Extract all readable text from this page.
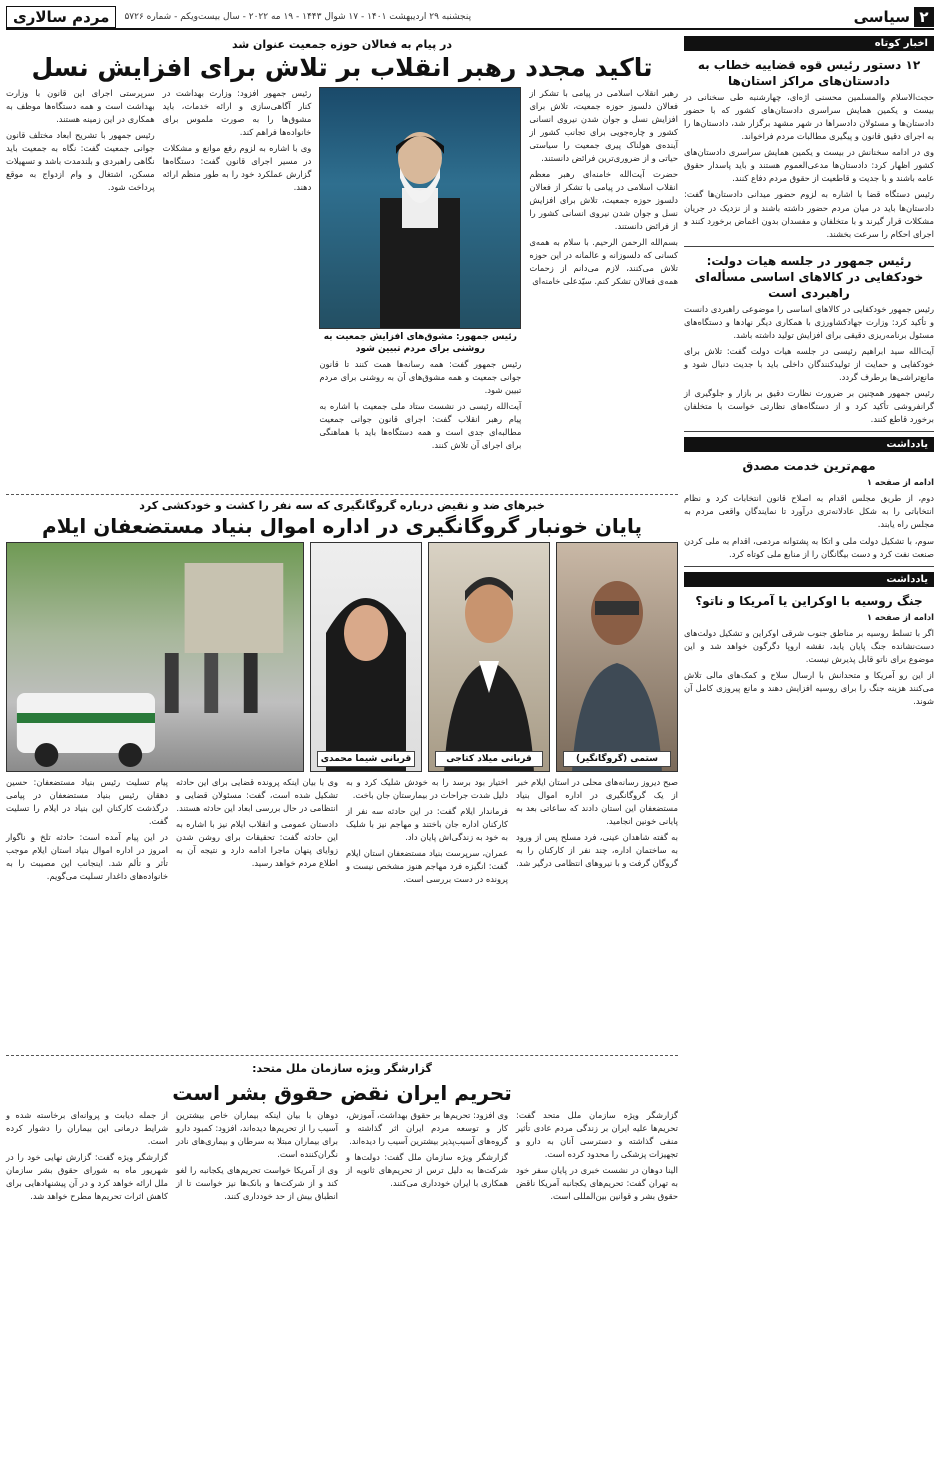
۲
سیاسی
پنجشنبه ۲۹ اردیبهشت ۱۴۰۱ - ۱۷ شوال ۱۴۴۳ - ۱۹ مه ۲۰۲۲ - سال بیست‌ویکم - شماره ۵۷۲۶
مردم سالاری
اخبار کوتاه
۱۲ دستور رئیس قوه قضاییه خطاب به دادستان‌های مراکز استان‌ها

حجت‌الاسلام والمسلمین محسنی اژه‌ای، چهارشنبه طی سخنانی در بیست و یکمین همایش سراسری دادستان‌های کشور که با حضور دادستان‌ها و مسئولان دادسرا‌ها در شهر مشهد برگزار شد، دادستان‌ها را به اجرای دقیق قانون و پیگیری مطالبات مردم فراخواند.

وی در ادامه سخنانش در بیست و یکمین همایش سراسری دادستان‌های کشور اظهار کرد: دادستان‌ها مدعی‌العموم هستند و باید پاسدار حقوق عامه باشند و با جدیت و قاطعیت از حقوق مردم دفاع کنند.

رئیس دستگاه قضا با اشاره به لزوم حضور میدانی دادستان‌ها گفت: دادستان‌ها باید در میان مردم حضور داشته باشند و از نزدیک در جریان مشکلات قرار گیرند و با متخلفان و مفسدان بدون اغماض برخورد کنند و اجرای احکام را سرعت بخشند.

رئیس جمهور در جلسه هیات دولت: خودکفایی در کالاهای اساسی مسأله‌ای راهبردی است

رئیس جمهور خودکفایی در کالاهای اساسی را موضوعی راهبردی دانست و تأکید کرد: وزارت جهادکشاورزی با همکاری دیگر نهادها و دستگاه‌های مسئول برنامه‌ریزی دقیقی برای افزایش تولید داشته باشد.

آیت‌الله سید ابراهیم رئیسی در جلسه هیات دولت گفت: تلاش برای خودکفایی و حمایت از تولیدکنندگان داخلی باید با جدیت دنبال شود و مانع‌تراشی‌ها برطرف گردد.

رئیس جمهور همچنین بر ضرورت نظارت دقیق بر بازار و جلوگیری از گرانفروشی تأکید کرد و از دستگاه‌های نظارتی خواست با متخلفان برخورد قاطع کنند.

یادداشت
مهم‌ترین خدمت مصدق

ادامه از صفحه ۱

دوم، از طریق مجلس اقدام به اصلاح قانون انتخابات کرد و نظام انتخاباتی را به شکل عادلانه‌تری درآورد تا نمایندگان واقعی مردم به مجلس راه یابند.

سوم، با تشکیل دولت ملی و اتکا به پشتوانه مردمی، اقدام به ملی کردن صنعت نفت کرد و دست بیگانگان را از منابع ملی کوتاه کرد.

یادداشت
جنگ روسیه با اوکراین یا آمریکا و ناتو؟

ادامه از صفحه ۱

اگر با تسلط روسیه بر مناطق جنوب شرقی اوکراین و تشکیل دولت‌های دست‌نشانده جنگ پایان یابد، نقشه اروپا دگرگون خواهد شد و این موضوع برای ناتو قابل پذیرش نیست.

از این رو آمریکا و متحدانش با ارسال سلاح و کمک‌های مالی تلاش می‌کنند هزینه جنگ را برای روسیه افزایش دهند و مانع پیروزی کامل آن شوند.

در پیام به فعالان حوزه جمعیت عنوان شد
تاکید مجدد رهبر انقلاب بر تلاش برای افزایش نسل

رهبر انقلاب اسلامی در پیامی با تشکر از فعالان دلسوز حوزه جمعیت، تلاش برای افزایش نسل و جوان شدن نیروی انسانی کشور و چاره‌جویی برای تجانب کشور از آینده‌ی هولناک پیری جمعیت را سیاستی حیاتی و از ضروری‌ترین فرائض دانستند.

حضرت آیت‌الله خامنه‌ای رهبر معظم انقلاب اسلامی در پیامی با تشکر از فعالان دلسوز حوزه جمعیت، تلاش برای افزایش نسل و جوان شدن نیروی انسانی کشور را از فرائض دانستند.

بسم‌الله الرحمن الرحیم. با سلام به همه‌ی کسانی که دلسوزانه و عالمانه در این حوزه تلاش می‌کنند، لازم می‌دانم از زحمات همه‌ی فعالان تشکر کنم. سیّدعلی خامنه‌ای

رئیس جمهور: مشوق‌های افزایش جمعیت به روشنی برای مردم تبیین شود

رئیس جمهور گفت: همه رسانه‌ها همت کنند تا قانون جوانی جمعیت و همه مشوق‌های آن به روشنی برای مردم تبیین شود.

آیت‌الله رئیسی در نشست ستاد ملی جمعیت با اشاره به پیام رهبر انقلاب گفت: اجرای قانون جوانی جمعیت مطالبه‌ای جدی است و همه دستگاه‌ها باید با هماهنگی برای اجرای آن تلاش کنند.

رئیس جمهور افزود: وزارت بهداشت در کنار آگاهی‌سازی و ارائه خدمات، باید مشوق‌ها را به صورت ملموس برای خانواده‌ها فراهم کند.

وی با اشاره به لزوم رفع موانع و مشکلات در مسیر اجرای قانون گفت: دستگاه‌ها گزارش عملکرد خود را به طور منظم ارائه دهند.

سرپرستی اجرای این قانون با وزارت بهداشت است و همه دستگاه‌ها موظف به همکاری در این زمینه هستند.

رئیس جمهور با تشریح ابعاد مختلف قانون جوانی جمعیت گفت: نگاه به جمعیت باید نگاهی راهبردی و بلندمدت باشد و تسهیلات مسکن، اشتغال و وام ازدواج به موقع پرداخت شود.

خبرهای ضد و نقیض درباره گروگانگیری که سه نفر را کشت و خودکشی کرد
پایان خونبار گروگانگیری در اداره اموال بنیاد مستضعفان ایلام
ستمی (گروگانگیر)
قربانی میلاد کتاجی
قربانی شیما محمدی

صبح دیروز رسانه‌های محلی در استان ایلام خبر از یک گروگانگیری در اداره اموال بنیاد مستضعفان این استان دادند که ساعاتی بعد به پایانی خونین انجامید.

به گفته شاهدان عینی، فرد مسلح پس از ورود به ساختمان اداره، چند نفر از کارکنان را به گروگان گرفت و با نیروهای انتظامی درگیر شد.

اختیار بود برسد را به خودش شلیک کرد و به دلیل شدت جراحات در بیمارستان جان باخت.

فرماندار ایلام گفت: در این حادثه سه نفر از کارکنان اداره جان باختند و مهاجم نیز با شلیک به خود به زندگی‌اش پایان داد.

عمران، سرپرست بنیاد مستضعفان استان ایلام گفت: انگیزه فرد مهاجم هنوز مشخص نیست و پرونده در دست بررسی است.

وی با بیان اینکه پرونده قضایی برای این حادثه تشکیل شده است، گفت: مسئولان قضایی و انتظامی در حال بررسی ابعاد این حادثه هستند.

دادستان عمومی و انقلاب ایلام نیز با اشاره به این حادثه گفت: تحقیقات برای روشن شدن زوایای پنهان ماجرا ادامه دارد و نتیجه آن به اطلاع مردم خواهد رسید.

پیام تسلیت رئیس بنیاد مستضعفان: حسین دهقان رئیس بنیاد مستضعفان در پیامی درگذشت کارکنان این بنیاد در ایلام را تسلیت گفت.

در این پیام آمده است: حادثه تلخ و ناگوار امروز در اداره اموال بنیاد استان ایلام موجب تأثر و تألم شد. اینجانب این مصیبت را به خانواده‌های داغدار تسلیت می‌گویم.

گزارشگر ویژه سازمان ملل متحد:
تحریم ایران نقض حقوق بشر است

گزارشگر ویژه سازمان ملل متحد گفت: تحریم‌ها علیه ایران بر زندگی مردم عادی تأثیر منفی گذاشته و دسترسی آنان به دارو و تجهیزات پزشکی را محدود کرده است.

الینا دوهان در نشست خبری در پایان سفر خود به تهران گفت: تحریم‌های یکجانبه آمریکا ناقض حقوق بشر و قوانین بین‌المللی است.

وی افزود: تحریم‌ها بر حقوق بهداشت، آموزش، کار و توسعه مردم ایران اثر گذاشته و گروه‌های آسیب‌پذیر بیشترین آسیب را دیده‌اند.

گزارشگر ویژه سازمان ملل گفت: دولت‌ها و شرکت‌ها به دلیل ترس از تحریم‌های ثانویه از همکاری با ایران خودداری می‌کنند.

دوهان با بیان اینکه بیماران خاص بیشترین آسیب را از تحریم‌ها دیده‌اند، افزود: کمبود دارو برای بیماران مبتلا به سرطان و بیماری‌های نادر نگران‌کننده است.

وی از آمریکا خواست تحریم‌های یکجانبه را لغو کند و از شرکت‌ها و بانک‌ها نیز خواست تا از انطباق بیش از حد خودداری کنند.

از جمله دیابت و پروانه‌ای برخاسته شده و شرایط درمانی این بیماران را دشوار کرده است.

گزارشگر ویژه گفت: گزارش نهایی خود را در شهریور ماه به شورای حقوق بشر سازمان ملل ارائه خواهد کرد و در آن پیشنهادهایی برای کاهش اثرات تحریم‌ها مطرح خواهد شد.
